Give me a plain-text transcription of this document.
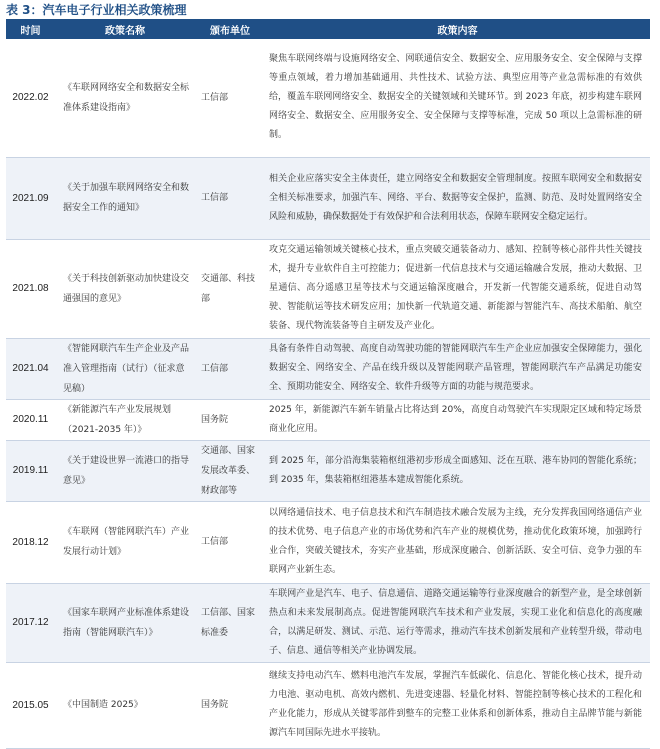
表 3：汽车电子行业相关政策梳理
时间	政策名称	颁布单位	政策内容
2022.02	《车联网网络安全和数据安全标准体系建设指南》	工信部	聚焦车联网终端与设施网络安全、网联通信安全、数据安全、应用服务安全、安全保障与支撑等重点领域，着力增加基础通用、共性技术、试验方法、典型应用等产业急需标准的有效供给，覆盖车联网网络安全、数据安全的关键领域和关键环节。到 2023 年底，初步构建车联网网络安全、数据安全、应用服务安全、安全保障与支撑等标准，完成 50 项以上急需标准的研制。
2021.09	《关于加强车联网网络安全和数据安全工作的通知》	工信部	相关企业应落实安全主体责任，建立网络安全和数据安全管理制度。按照车联网安全和数据安全相关标准要求，加强汽车、网络、平台、数据等安全保护，监测、防范、及时处置网络安全风险和威胁，确保数据处于有效保护和合法利用状态，保障车联网安全稳定运行。
2021.08	《关于科技创新驱动加快建设交通强国的意见》	交通部、科技部	攻克交通运输领域关键核心技术，重点突破交通装备动力、感知、控制等核心部件共性关键技术，提升专业软件自主可控能力；促进新一代信息技术与交通运输融合发展，推动大数据、卫星通信、高分遥感卫星等技术与交通运输深度融合，开发新一代智能交通系统，促进自动驾驶、智能航运等技术研发应用；加快新一代轨道交通、新能源与智能汽车、高技术船舶、航空装备、现代物流装备等自主研发及产业化。
2021.04	《智能网联汽车生产企业及产品准入管理指南（试行）（征求意见稿）	工信部	具备有条件自动驾驶、高度自动驾驶功能的智能网联汽车生产企业应加强安全保障能力，强化数据安全、网络安全、产品在线升级以及智能网联产品管理，智能网联汽车产品满足功能安全、预期功能安全、网络安全、软件升级等方面的功能与规范要求。
2020.11	《新能源汽车产业发展规划（2021-2035 年）》	国务院	2025 年，新能源汽车新车销量占比将达到 20%，高度自动驾驶汽车实现限定区域和特定场景商业化应用。
2019.11	《关于建设世界一流港口的指导意见》	交通部、国家发展改革委、财政部等	到 2025 年，部分沿海集装箱枢纽港初步形成全面感知、泛在互联、港车协同的智能化系统；到 2035 年，集装箱枢纽港基本建成智能化系统。
2018.12	《车联网（智能网联汽车）产业发展行动计划》	工信部	以网络通信技术、电子信息技术和汽车制造技术融合发展为主线，充分发挥我国网络通信产业的技术优势、电子信息产业的市场优势和汽车产业的规模优势，推动优化政策环境，加强跨行业合作，突破关键技术，夯实产业基础，形成深度融合、创新活跃、安全可信、竞争力强的车联网产业新生态。
2017.12	《国家车联网产业标准体系建设指南（智能网联汽车）》	工信部、国家标准委	车联网产业是汽车、电子、信息通信、道路交通运输等行业深度融合的新型产业，是全球创新热点和未来发展制高点。促进智能网联汽车技术和产业发展，实现工业化和信息化的高度融合，以满足研发、测试、示范、运行等需求，推动汽车技术创新发展和产业转型升级，带动电子、信息、通信等相关产业协调发展。
2015.05	《中国制造 2025》	国务院	继续支持电动汽车、燃料电池汽车发展，掌握汽车低碳化、信息化、智能化核心技术，提升动力电池、驱动电机、高效内燃机、先进变速器、轻量化材料、智能控制等核心技术的工程化和产业化能力，形成从关键零部件到整车的完整工业体系和创新体系，推动自主品牌节能与新能源汽车同国际先进水平接轨。
